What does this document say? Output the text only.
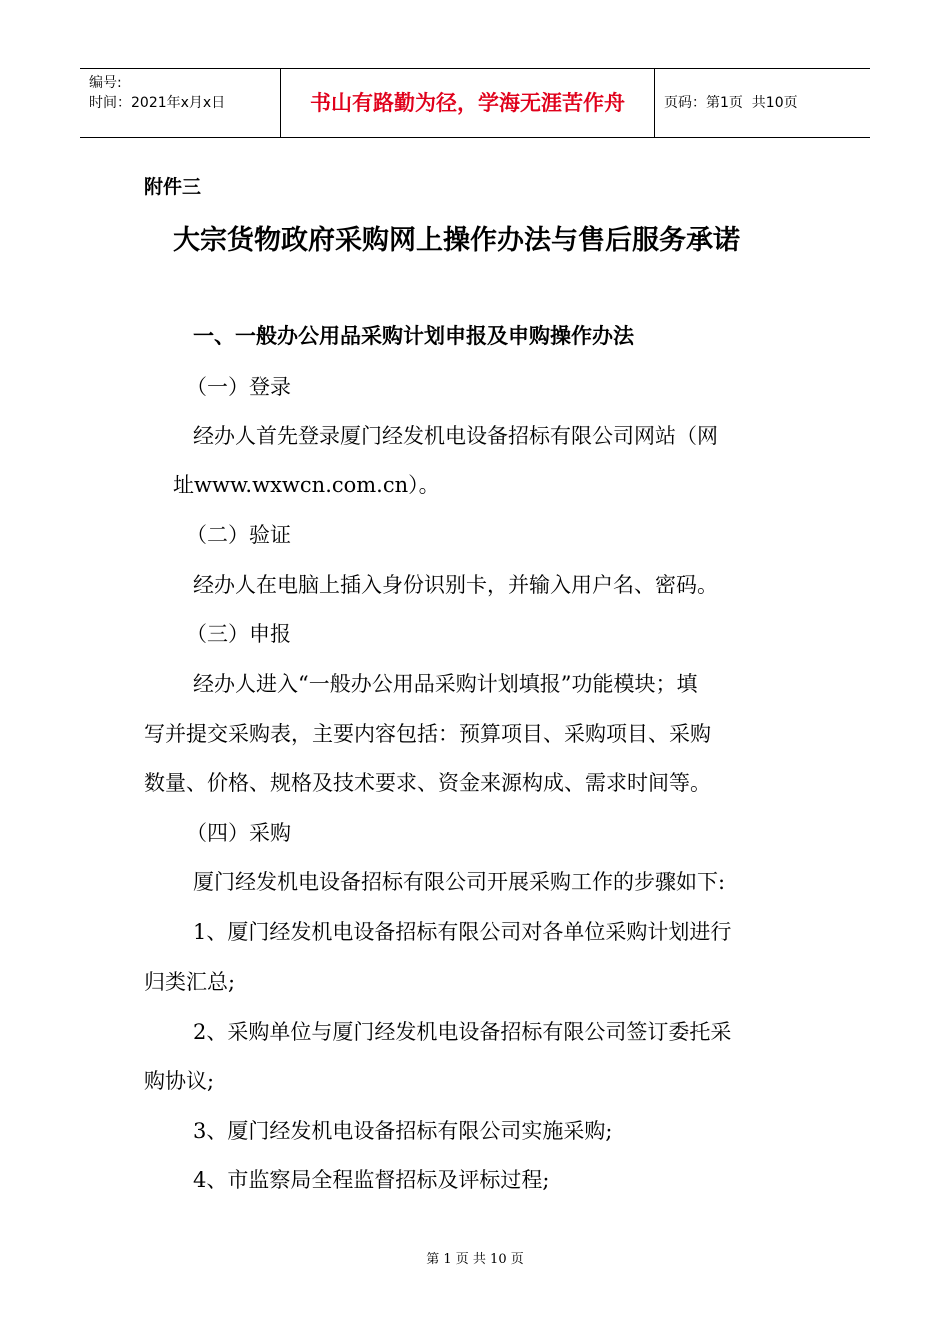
编号:
时间：2021年x月x日	书山有路勤为径，学海无涯苦作舟	页码：第1页  共10页
附件三
大宗货物政府采购网上操作办法与售后服务承诺
一、一般办公用品采购计划申报及申购操作办法
（一）登录
经办人首先登录厦门经发机电设备招标有限公司网站（网
址www.wxwcn.com.cn）。
（二）验证
经办人在电脑上插入身份识别卡，并输入用户名、密码。
（三）申报
经办人进入“一般办公用品采购计划填报”功能模块；填
写并提交采购表，主要内容包括：预算项目、采购项目、采购
数量、价格、规格及技术要求、资金来源构成、需求时间等。
（四）采购
厦门经发机电设备招标有限公司开展采购工作的步骤如下:
1、厦门经发机电设备招标有限公司对各单位采购计划进行
归类汇总;
2、采购单位与厦门经发机电设备招标有限公司签订委托采
购协议;
3、厦门经发机电设备招标有限公司实施采购;
4、市监察局全程监督招标及评标过程;
第 1 页 共 10 页
